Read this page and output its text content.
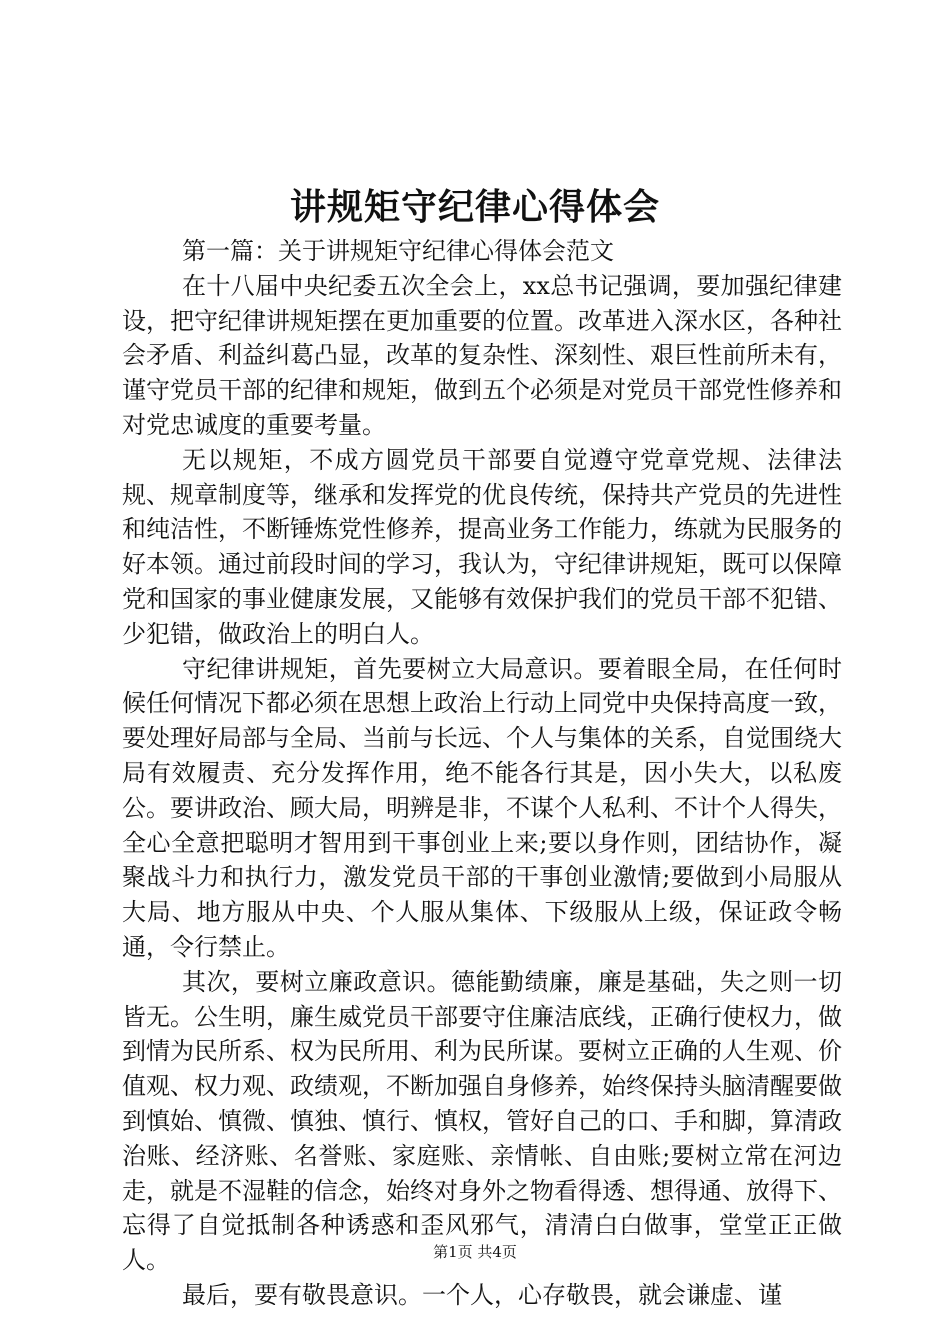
讲规矩守纪律心得体会

第一篇：关于讲规矩守纪律心得体会范文

在十八届中央纪委五次全会上，xx总书记强调，要加强纪律建设，把守纪律讲规矩摆在更加重要的位置。改革进入深水区，各种社会矛盾、利益纠葛凸显，改革的复杂性、深刻性、艰巨性前所未有，谨守党员干部的纪律和规矩，做到五个必须是对党员干部党性修养和对党忠诚度的重要考量。

无以规矩，不成方圆党员干部要自觉遵守党章党规、法律法规、规章制度等，继承和发挥党的优良传统，保持共产党员的先进性和纯洁性，不断锤炼党性修养，提高业务工作能力，练就为民服务的好本领。通过前段时间的学习，我认为，守纪律讲规矩，既可以保障党和国家的事业健康发展，又能够有效保护我们的党员干部不犯错、少犯错，做政治上的明白人。

守纪律讲规矩，首先要树立大局意识。要着眼全局，在任何时候任何情况下都必须在思想上政治上行动上同党中央保持高度一致，要处理好局部与全局、当前与长远、个人与集体的关系，自觉围绕大局有效履责、充分发挥作用，绝不能各行其是，因小失大，以私废公。要讲政治、顾大局，明辨是非，不谋个人私利、不计个人得失，全心全意把聪明才智用到干事创业上来;要以身作则，团结协作，凝聚战斗力和执行力，激发党员干部的干事创业激情;要做到小局服从大局、地方服从中央、个人服从集体、下级服从上级，保证政令畅通，令行禁止。

其次，要树立廉政意识。德能勤绩廉，廉是基础，失之则一切皆无。公生明，廉生威党员干部要守住廉洁底线，正确行使权力，做到情为民所系、权为民所用、利为民所谋。要树立正确的人生观、价值观、权力观、政绩观，不断加强自身修养，始终保持头脑清醒要做到慎始、慎微、慎独、慎行、慎权，管好自己的口、手和脚，算清政治账、经济账、名誉账、家庭账、亲情帐、自由账;要树立常在河边走，就是不湿鞋的信念，始终对身外之物看得透、想得通、放得下、忘得了自觉抵制各种诱惑和歪风邪气，清清白白做事，堂堂正正做人。

最后，要有敬畏意识。一个人，心存敬畏，就会谦虚、谨

第1页 共4页
